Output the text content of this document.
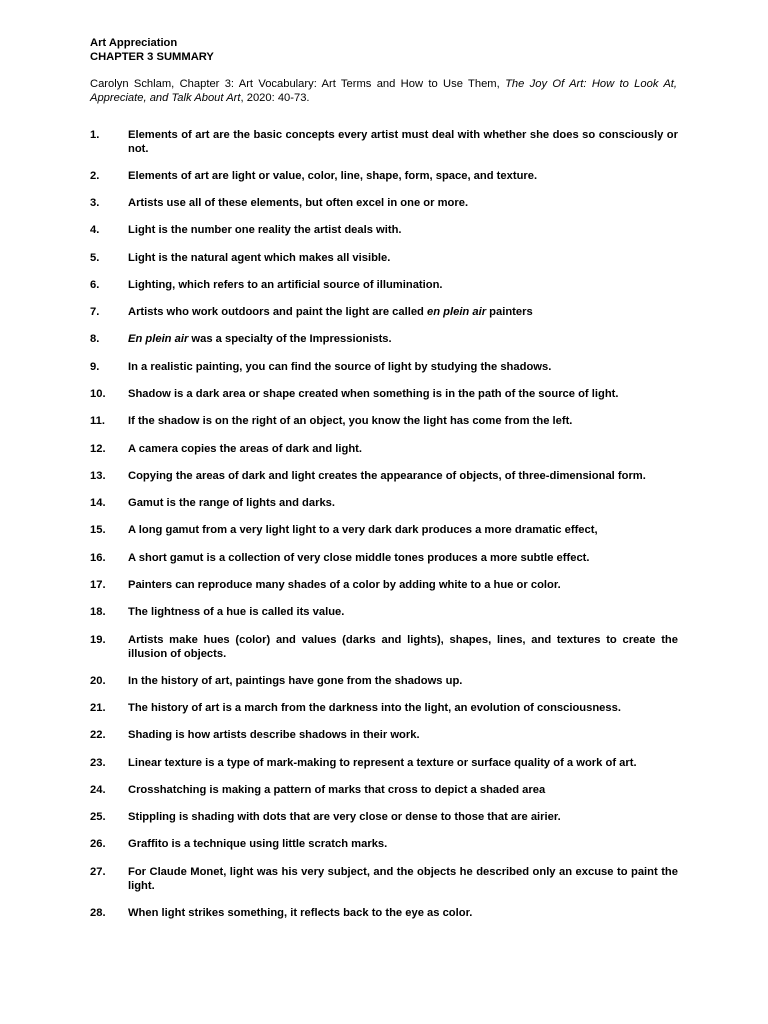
Art Appreciation
CHAPTER 3 SUMMARY
Carolyn Schlam, Chapter 3: Art Vocabulary: Art Terms and How to Use Them, The Joy Of Art: How to Look At, Appreciate, and Talk About Art, 2020: 40-73.
1.	Elements of art are the basic concepts every artist must deal with whether she does so consciously or not.
2.	Elements of art are light or value, color, line, shape, form, space, and texture.
3.	Artists use all of these elements, but often excel in one or more.
4.	Light is the number one reality the artist deals with.
5.	Light is the natural agent which makes all visible.
6.	Lighting, which refers to an artificial source of illumination.
7.	Artists who work outdoors and paint the light are called en plein air painters
8.	En plein air was a specialty of the Impressionists.
9.	In a realistic painting, you can find the source of light by studying the shadows.
10.	Shadow is a dark area or shape created when something is in the path of the source of light.
11.	If the shadow is on the right of an object, you know the light has come from the left.
12.	A camera copies the areas of dark and light.
13.	Copying the areas of dark and light creates the appearance of objects, of three-dimensional form.
14.	Gamut is the range of lights and darks.
15.	A long gamut from a very light light to a very dark dark produces a more dramatic effect,
16.	A short gamut is a collection of very close middle tones produces a more subtle effect.
17.	Painters can reproduce many shades of a color by adding white to a hue or color.
18.	The lightness of a hue is called its value.
19.	Artists make hues (color) and values (darks and lights), shapes, lines, and textures to create the illusion of objects.
20.	In the history of art, paintings have gone from the shadows up.
21.	The history of art is a march from the darkness into the light, an evolution of consciousness.
22.	Shading is how artists describe shadows in their work.
23.	Linear texture is a type of mark-making to represent a texture or surface quality of a work of art.
24.	Crosshatching is making a pattern of marks that cross to depict a shaded area
25.	Stippling is shading with dots that are very close or dense to those that are airier.
26.	Graffito is a technique using little scratch marks.
27.	For Claude Monet, light was his very subject, and the objects he described only an excuse to paint the light.
28.	When light strikes something, it reflects back to the eye as color.
